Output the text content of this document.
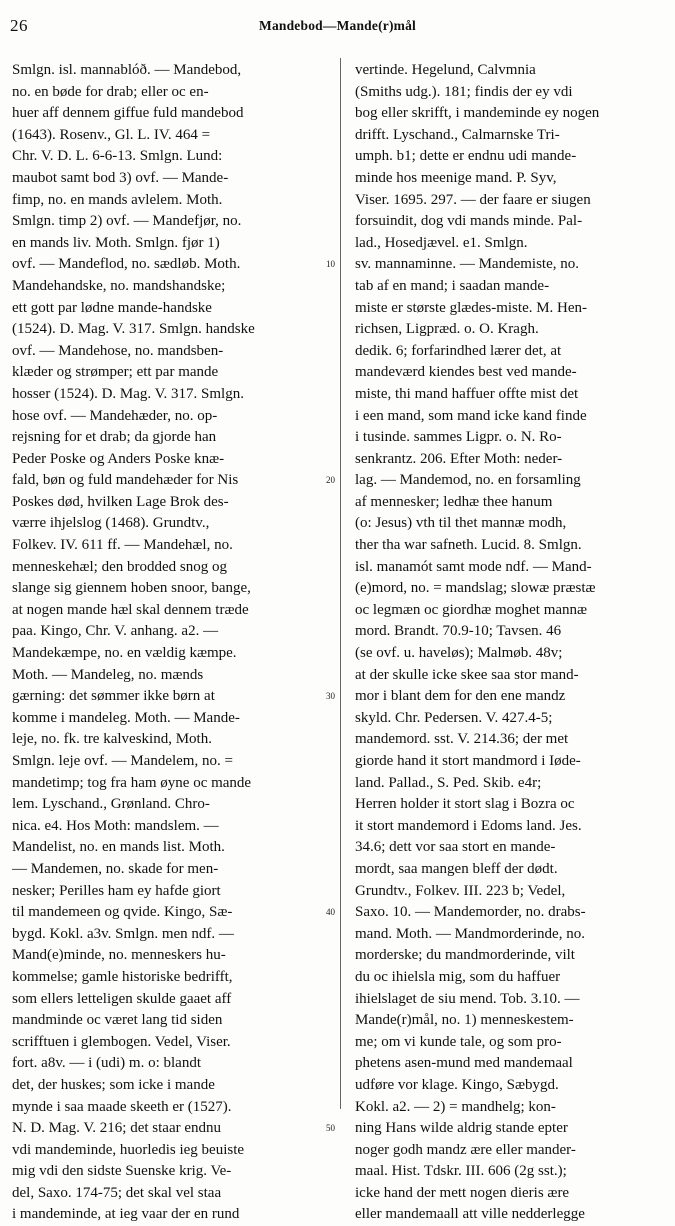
26	Mandebod—Mande(r)mål
Smlgn. isl. mannablóð. — Mandebod,
no. en bøde for drab; eller oc en-
huer aff dennem giffue fuld mandebod
(1643). Rosenv., Gl. L. IV. 464 =
Chr. V. D. L. 6-6-13. Smlgn. Lund:
maubot samt bod 3) ovf. — Mande-
fimp, no. en mands avlelem. Moth.
Smlgn. timp 2) ovf. — Mandefjør, no.
en mands liv. Moth. Smlgn. fjør 1)
ovf. — Mandeflod, no. sædløb. Moth.
Mandehandske, no. mandshandske;
ett gott par lødne mande-handske
(1524). D. Mag. V. 317. Smlgn. handske
ovf. — Mandehose, no. mandsben-
klæder og strømper; ett par mande
hosser (1524). D. Mag. V. 317. Smlgn.
hose ovf. — Mandehæder, no. op-
rejsning for et drab; da gjorde han
Peder Poske og Anders Poske knæ-
fald, bøn og fuld mandehæder for Nis
Poskes død, hvilken Lage Brok des-
værre ihjelslog (1468). Grundtv.,
Folkev. IV. 611 ff. — Mandehæl, no.
menneskehæl; den brodded snog og
slange sig giennem hoben snoor, bange,
at nogen mande hæl skal dennem træde
paa. Kingo, Chr. V. anhang. a2. —
Mandekæmpe, no. en vældig kæmpe.
Moth. — Mandeleg, no. mænds
gærning: det sømmer ikke børn at
komme i mandeleg. Moth. — Mande-
leje, no. fk. tre kalveskind, Moth.
Smlgn. leje ovf. — Mandelem, no. =
mandetimp; tog fra ham øyne oc mande
lem. Lyschand., Grønland. Chro-
nica. e4. Hos Moth: mandslem. —
Mandelist, no. en mands list. Moth.
— Mandemen, no. skade for men-
nesker; Perilles ham ey hafde giort
til mandemeen og qvide. Kingo, Sæ-
bygd. Kokl. a3v. Smlgn. men ndf. —
Mand(e)minde, no. menneskers hu-
kommelse; gamle historiske bedrifft,
som ellers letteligen skulde gaaet aff
mandminde oc været lang tid siden
scrifftuen i glembogen. Vedel, Viser.
fort. a8v. — i (udi) m. o: blandt
det, der huskes; som icke i mande
mynde i saa maade skeeth er (1527).
N. D. Mag. V. 216; det staar endnu
vdi mandeminde, huorledis ieg beuiste
mig vdi den sidste Suenske krig. Ve-
del, Saxo. 174-75; det skal vel staa
i mandeminde, at ieg vaar der en rund
10
20
30
40
50
vertinde. Hegelund, Calvmnia
(Smiths udg.). 181; findis der ey vdi
bog eller skrifft, i mandeminde ey nogen
drifft. Lyschand., Calmarnske Tri-
umph. b1; dette er endnu udi mande-
minde hos meenige mand. P. Syv,
Viser. 1695. 297. — der faare er siugen
forsuindit, dog vdi mands minde. Pal-
lad., Hosedjævel. e1. Smlgn.
sv. mannaminne. — Mandemiste, no.
tab af en mand; i saadan mande-
miste er største glædes-miste. M. Hen-
richsen, Ligpræd. o. O. Kragh.
dedik. 6; forfarindhed lærer det, at
mandeværd kiendes best ved mande-
miste, thi mand haffuer offte mist det
i een mand, som mand icke kand finde
i tusinde. sammes Ligpr. o. N. Ro-
senkrantz. 206. Efter Moth: neder-
lag. — Mandemod, no. en forsamling
af mennesker; ledhæ thee hanum
(o: Jesus) vth til thet mannæ modh,
ther tha war safneth. Lucid. 8. Smlgn.
isl. manamót samt mode ndf. — Mand-
(e)mord, no. = mandslag; slowæ præstæ
oc legmæn oc giordhæ moghet mannæ
mord. Brandt. 70.9-10; Tavsen. 46
(se ovf. u. haveløs); Malmøb. 48v;
at der skulle icke skee saa stor mand-
mor i blant dem for den ene mandz
skyld. Chr. Pedersen. V. 427.4-5;
mandemord. sst. V. 214.36; der met
giorde hand it stort mandmord i Iøde-
land. Pallad., S. Ped. Skib. e4r;
Herren holder it stort slag i Bozra oc
it stort mandemord i Edoms land. Jes.
34.6; dett vor saa stort en mande-
mordt, saa mangen bleff der dødt.
Grundtv., Folkev. III. 223 b; Vedel,
Saxo. 10. — Mandemorder, no. drabs-
mand. Moth. — Mandmorderinde, no.
morderske; du mandmorderinde, vilt
du oc ihielsla mig, som du haffuer
ihielslaget de siu mend. Tob. 3.10. —
Mande(r)mål, no. 1) menneskestem-
me; om vi kunde tale, og som pro-
phetens asen-mund med mandemaal
udføre vor klage. Kingo, Sæbygd.
Kokl. a2. — 2) = mandhelg; kon-
ning Hans wilde aldrig stande epter
noger godh mandz ære eller mander-
maal. Hist. Tdskr. III. 606 (2g sst.);
icke hand der mett nogen dieris ære
eller mandemaall att ville nedderlegge
